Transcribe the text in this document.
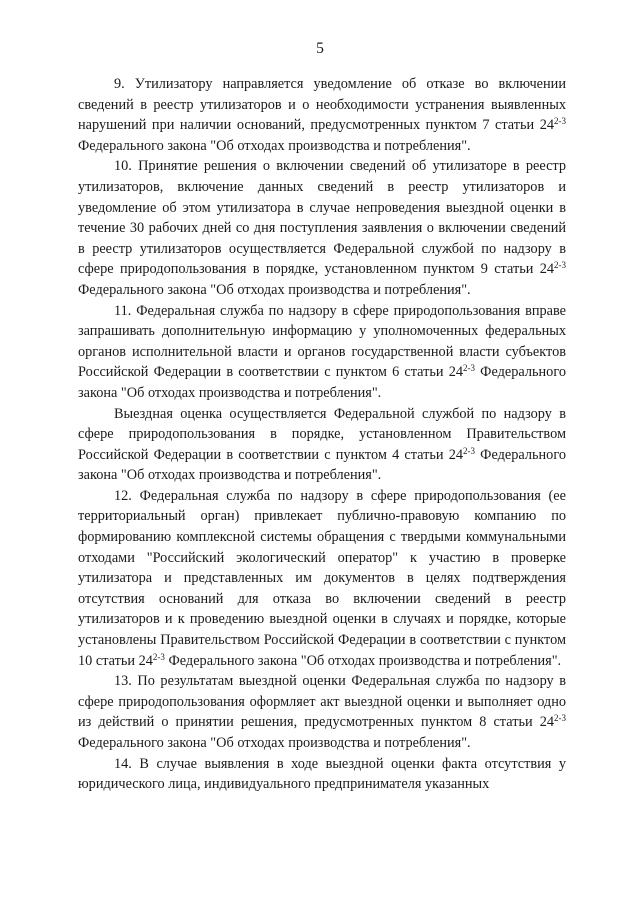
5

9. Утилизатору направляется уведомление об отказе во включении сведений в реестр утилизаторов и о необходимости устранения выявленных нарушений при наличии оснований, предусмотренных пунктом 7 статьи 24$^{2-3}$ Федерального закона "Об отходах производства и потребления".

10. Принятие решения о включении сведений об утилизаторе в реестр утилизаторов, включение данных сведений в реестр утилизаторов и уведомление об этом утилизатора в случае непроведения выездной оценки в течение 30 рабочих дней со дня поступления заявления о включении сведений в реестр утилизаторов осуществляется Федеральной службой по надзору в сфере природопользования в порядке, установленном пунктом 9 статьи 24$^{2-3}$ Федерального закона "Об отходах производства и потребления".

11. Федеральная служба по надзору в сфере природопользования вправе запрашивать дополнительную информацию у уполномоченных федеральных органов исполнительной власти и органов государственной власти субъектов Российской Федерации в соответствии с пунктом 6 статьи 24$^{2-3}$ Федерального закона "Об отходах производства и потребления".

Выездная оценка осуществляется Федеральной службой по надзору в сфере природопользования в порядке, установленном Правительством Российской Федерации в соответствии с пунктом 4 статьи 24$^{2-3}$ Федерального закона "Об отходах производства и потребления".

12. Федеральная служба по надзору в сфере природопользования (ее территориальный орган) привлекает публично-правовую компанию по формированию комплексной системы обращения с твердыми коммунальными отходами "Российский экологический оператор" к участию в проверке утилизатора и представленных им документов в целях подтверждения отсутствия оснований для отказа во включении сведений в реестр утилизаторов и к проведению выездной оценки в случаях и порядке, которые установлены Правительством Российской Федерации в соответствии с пунктом 10 статьи 24$^{2-3}$ Федерального закона "Об отходах производства и потребления".

13. По результатам выездной оценки Федеральная служба по надзору в сфере природопользования оформляет акт выездной оценки и выполняет одно из действий о принятии решения, предусмотренных пунктом 8 статьи 24$^{2-3}$ Федерального закона "Об отходах производства и потребления".

14. В случае выявления в ходе выездной оценки факта отсутствия у юридического лица, индивидуального предпринимателя указанных
